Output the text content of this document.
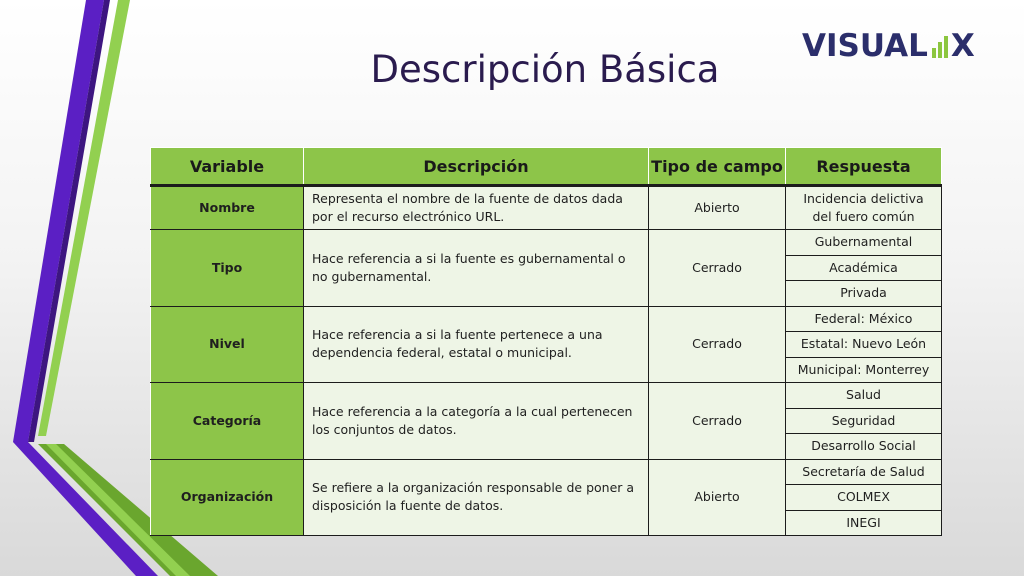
VISUAL X
Descripción Básica
Variable	Descripción	Tipo de campo	Respuesta
Nombre	Representa el nombre de la fuente de datos dada por el recurso electrónico URL.	Abierto	Incidencia delictiva del fuero común
Tipo	Hace referencia a si la fuente es gubernamental o no gubernamental.	Cerrado	Gubernamental
			Académica
			Privada
Nivel	Hace referencia a si la fuente pertenece a una dependencia federal, estatal o municipal.	Cerrado	Federal: México
			Estatal: Nuevo León
			Municipal: Monterrey
Categoría	Hace referencia a la categoría a la cual pertenecen los conjuntos de datos.	Cerrado	Salud
			Seguridad
			Desarrollo Social
Organización	Se refiere a la organización responsable de poner a disposición la fuente de datos.	Abierto	Secretaría de Salud
			COLMEX
			INEGI
